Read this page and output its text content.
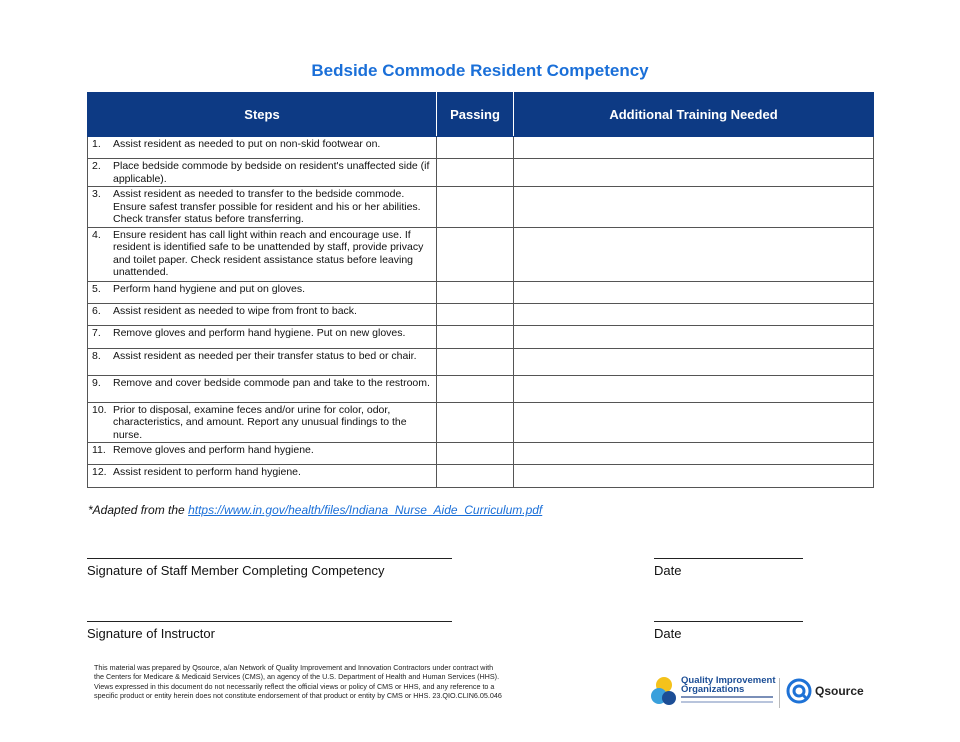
Bedside Commode Resident Competency
Steps	Passing	Additional Training Needed

1. Assist resident as needed to put on non-skid footwear on.		

2. Place bedside commode by bedside on resident's unaffected side (if applicable).		

3. Assist resident as needed to transfer to the bedside commode. Ensure safest transfer possible for resident and his or her abilities. Check transfer status before transferring.		

4. Ensure resident has call light within reach and encourage use. If resident is identified safe to be unattended by staff, provide privacy and toilet paper. Check resident assistance status before leaving unattended.		

5. Perform hand hygiene and put on gloves.		

6. Assist resident as needed to wipe from front to back.		

7. Remove gloves and perform hand hygiene. Put on new gloves.		

8. Assist resident as needed per their transfer status to bed or chair.		

9. Remove and cover bedside commode pan and take to the restroom.		

10. Prior to disposal, examine feces and/or urine for color, odor, characteristics, and amount. Report any unusual findings to the nurse.		

11. Remove gloves and perform hand hygiene.		

12. Assist resident to perform hand hygiene.		

*Adapted from the https://www.in.gov/health/files/Indiana_Nurse_Aide_Curriculum.pdf
Signature of Staff Member Completing Competency	Date
Signature of Instructor	Date
This material was prepared by Qsource, a/an Network of Quality Improvement and Innovation Contractors under contract with the Centers for Medicare & Medicaid Services (CMS), an agency of the U.S. Department of Health and Human Services (HHS). Views expressed in this document do not necessarily reflect the official views or policy of CMS or HHS, and any reference to a specific product or entity herein does not constitute endorsement of that product or entity by CMS or HHS. 23.QIO.CLIN6.05.046
Quality Improvement
Organizations	Qsource
